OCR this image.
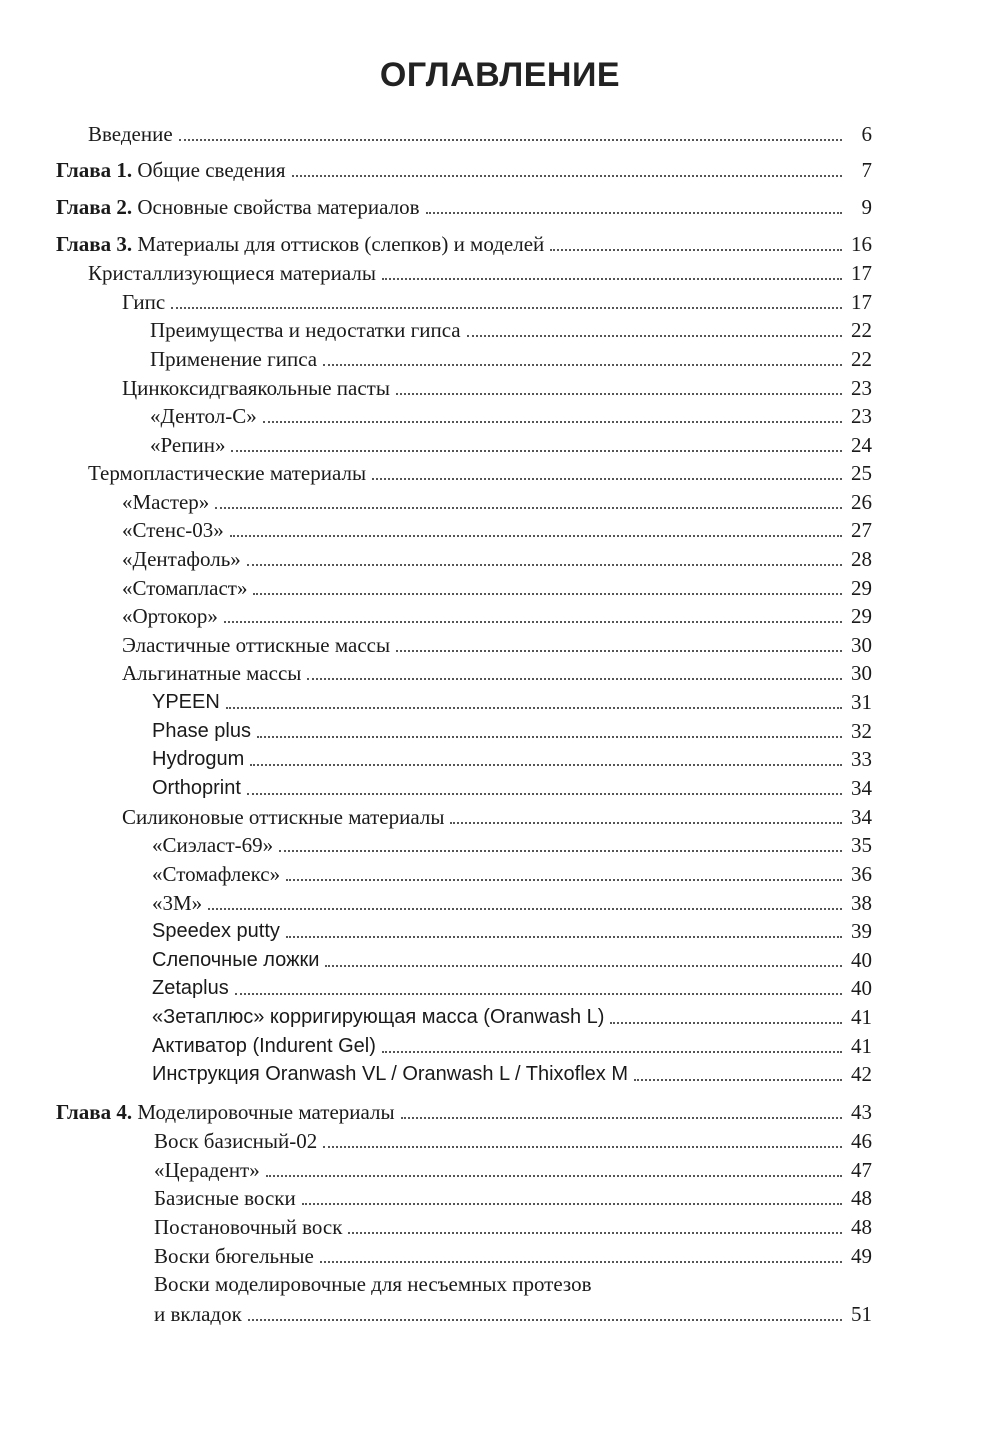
ОГЛАВЛЕНИЕ
Введение	6
Глава 1. Общие сведения	7
Глава 2. Основные свойства материалов	9
Глава 3. Материалы для оттисков (слепков) и моделей	16
Кристаллизующиеся материалы	17
Гипс	17
Преимущества и недостатки гипса	22
Применение гипса	22
Цинкоксидгваякольные пасты	23
«Дентол-С»	23
«Репин»	24
Термопластические материалы	25
«Мастер»	26
«Стенс-03»	27
«Дентафоль»	28
«Стомапласт»	29
«Ортокор»	29
Эластичные оттискные массы	30
Альгинатные массы	30
YPEEN	31
Phase plus	32
Hydrogum	33
Orthoprint	34
Силиконовые оттискные материалы	34
«Сиэласт-69»	35
«Стомафлекс»	36
«3M»	38
Speedex putty	39
Слепочные ложки	40
Zetaplus	40
«Зетаплюс» корригирующая масса (Oranwash L)	41
Активатор (Indurent Gel)	41
Инструкция Oranwash VL / Oranwash L / Thixoflex M	42
Глава 4. Моделировочные материалы	43
Воск базисный-02	46
«Церадент»	47
Базисные воски	48
Постановочный воск	48
Воски бюгельные	49
Воски моделировочные для несъемных протезов
и вкладок	51
